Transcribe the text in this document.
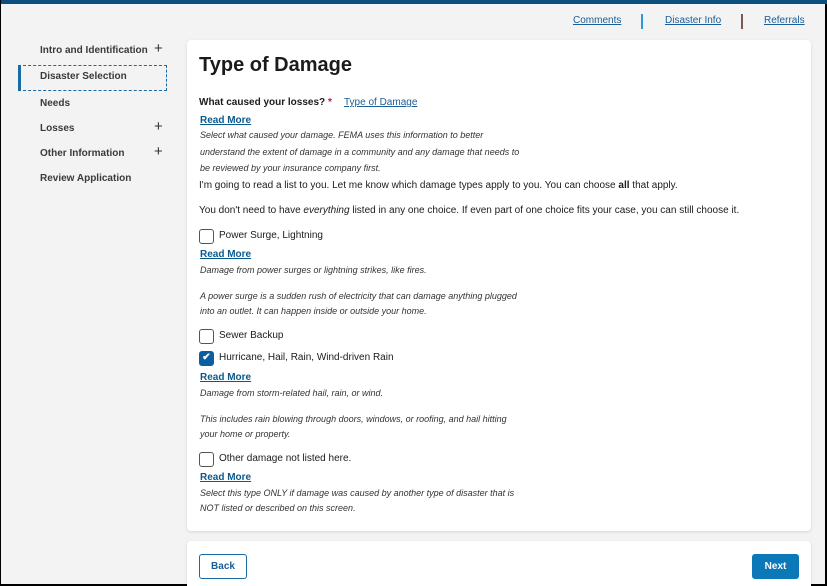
Comments	Disaster Info	Referrals
Intro and Identification +
Disaster Selection
Needs
Losses	+
Other Information +
Review Application
Type of Damage
What caused your losses? * Type of Damage
Read More
Select what caused your damage. FEMA uses this information to better
understand the extent of damage in a community and any damage that needs to
be reviewed by your insurance company first.
I'm going to read a list to you. Let me know which damage types apply to you. You can choose all that apply.
You don't need to have everything listed in any one choice. If even part of one choice fits your case, you can still choose it.
Power Surge, Lightning
Read More
Damage from power surges or lightning strikes, like fires.
A power surge is a sudden rush of electricity that can damage anything plugged
into an outlet. It can happen inside or outside your home.
Sewer Backup
✔ Hurricane, Hail, Rain, Wind-driven Rain
Read More
Damage from storm-related hail, rain, or wind.
This includes rain blowing through doors, windows, or roofing, and hail hitting
your home or property.
Other damage not listed here.
Read More
Select this type ONLY if damage was caused by another type of disaster that is
NOT listed or described on this screen.
Back	Next
